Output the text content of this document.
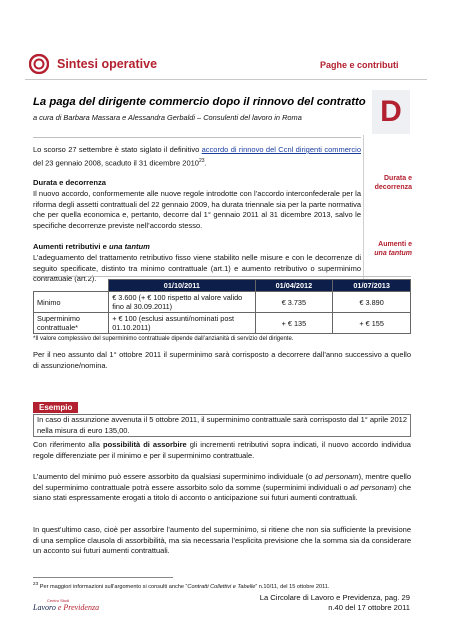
Sintesi operative	Paghe e contributi
La paga del dirigente commercio dopo il rinnovo del contratto
a cura di Barbara Massara e Alessandra Gerbaldi – Consulenti del lavoro in Roma	D
Lo scorso 27 settembre è stato siglato il definitivo accordo di rinnovo del Ccnl dirigenti commercio del 23 gennaio 2008, scaduto il 31 dicembre 2010$^{23}$.
Durata e decorrenza
Il nuovo accordo, conformemente alle nuove regole introdotte con l’accordo interconfederale per la riforma degli assetti contrattuali del 22 gennaio 2009, ha durata triennale sia per la parte normativa che per quella economica e, pertanto, decorre dal 1° gennaio 2011 al 31 dicembre 2013, salvo le specifiche decorrenze previste nell’accordo stesso.
Durata e decorrenza
Aumenti retributivi e una tantum
L’adeguamento del trattamento retributivo fisso viene stabilito nelle misure e con le decorrenze di seguito specificate, distinto tra minimo contrattuale (art.1) e aumento retributivo o superminimo contrattuale (art.2).
Aumenti e una tantum
	01/10/2011	01/04/2012	01/07/2013
Minimo	€ 3.600 (+ € 100 rispetto al valore valido fino al 30.09.2011)	€ 3.735	€ 3.890
Superminimo contrattuale*	+ € 100 (esclusi assunti/nominati post 01.10.2011)	+ € 135	+ € 155
*Il valore complessivo del superminimo contrattuale dipende dall’anzianità di servizio del dirigente.
Per il neo assunto dal 1° ottobre 2011 il superminimo sarà corrisposto a decorrere dall’anno successivo a quello di assunzione/nomina.
Esempio
In caso di assunzione avvenuta il 5 ottobre 2011, il superminimo contrattuale sarà corrisposto dal 1° aprile 2012 nella misura di euro 135,00.
Con riferimento alla possibilità di assorbire gli incrementi retributivi sopra indicati, il nuovo accordo individua regole differenziate per il minimo e per il superminimo contrattuale.
L’aumento del minimo può essere assorbito da qualsiasi superminimo individuale (o ad personam), mentre quello del superminimo contrattuale potrà essere assorbito solo da somme (superminimi individuali o ad personam) che siano stati espressamente erogati a titolo di acconto o anticipazione sui futuri aumenti contrattuali.
In quest’ultimo caso, cioè per assorbire l’aumento del superminimo, si ritiene che non sia sufficiente la previsione di una semplice clausola di assorbibilità, ma sia necessaria l’esplicita previsione che la somma sia da considerare un acconto sui futuri aumenti contrattuali.
$^{23}$ Per maggiori informazioni sull’argomento si consulti anche “Contratti Collettivi e Tabelle” n.10/11, del 15 ottobre 2011.
Centro Studi
Lavoro e Previdenza
La Circolare di Lavoro e Previdenza, pag. 29
n.40 del 17 ottobre 2011
